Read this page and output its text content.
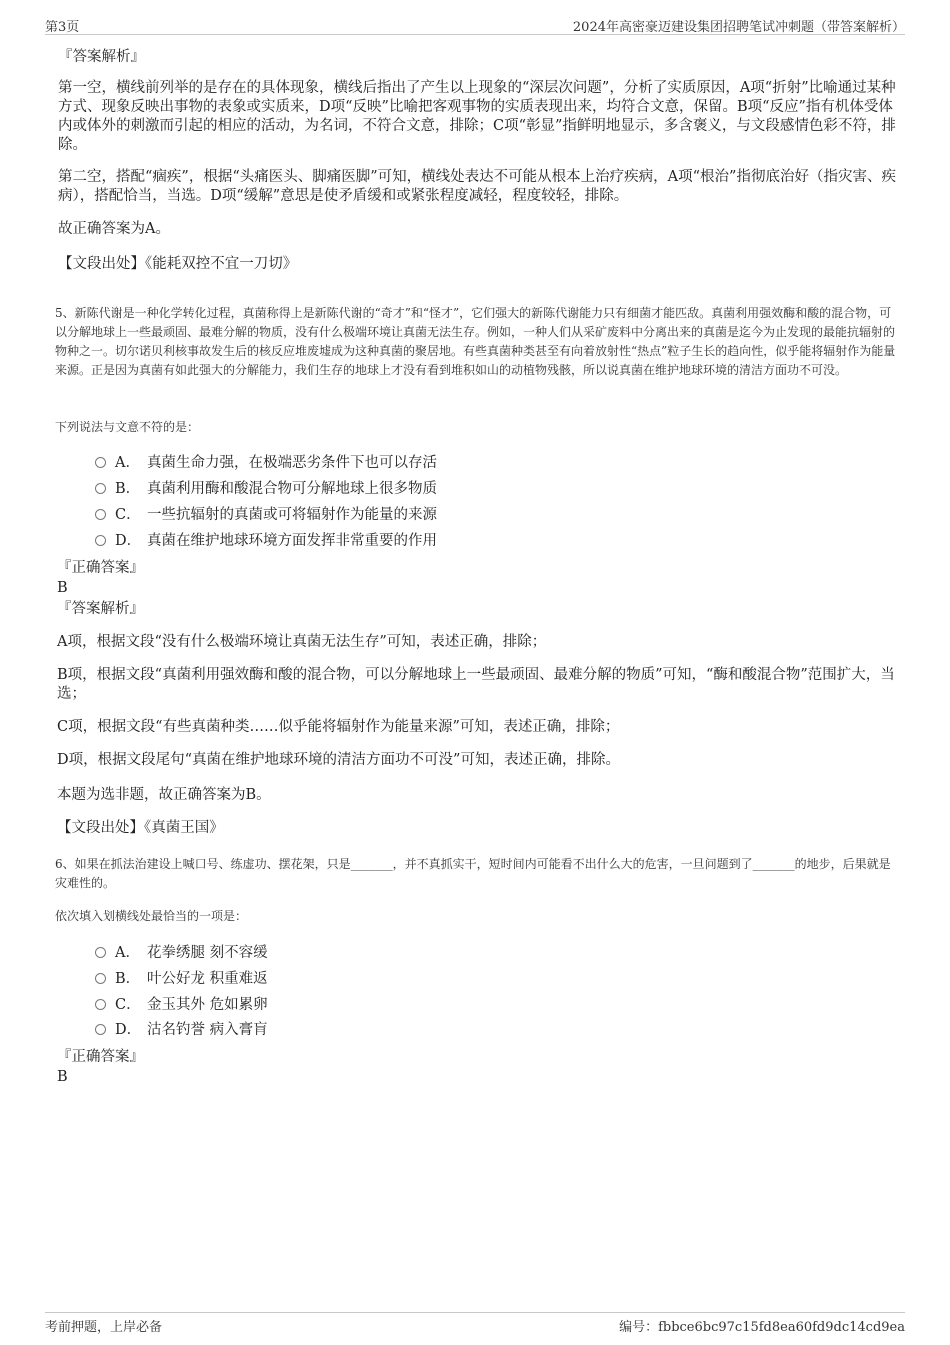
第3页	2024年高密豪迈建设集团招聘笔试冲刺题（带答案解析）
『答案解析』
第一空，横线前列举的是存在的具体现象，横线后指出了产生以上现象的“深层次问题”，分析了实质原因，A项“折射”比喻通过某种方式、现象反映出事物的表象或实质来，D项“反映”比喻把客观事物的实质表现出来，均符合文意，保留。B项“反应”指有机体受体内或体外的刺激而引起的相应的活动，为名词，不符合文意，排除；C项“彰显”指鲜明地显示，多含褒义，与文段感情色彩不符，排除。
第二空，搭配“痼疾”，根据“头痛医头、脚痛医脚”可知，横线处表达不可能从根本上治疗疾病，A项“根治”指彻底治好（指灾害、疾病），搭配恰当，当选。D项“缓解”意思是使矛盾缓和或紧张程度减轻，程度较轻，排除。
故正确答案为A。
【文段出处】《能耗双控不宜一刀切》
5、新陈代谢是一种化学转化过程，真菌称得上是新陈代谢的“奇才”和“怪才”，它们强大的新陈代谢能力只有细菌才能匹敌。真菌利用强效酶和酸的混合物，可以分解地球上一些最顽固、最难分解的物质，没有什么极端环境让真菌无法生存。例如，一种人们从采矿废料中分离出来的真菌是迄今为止发现的最能抗辐射的物种之一。切尔诺贝利核事故发生后的核反应堆废墟成为这种真菌的聚居地。有些真菌种类甚至有向着放射性“热点”粒子生长的趋向性，似乎能将辐射作为能量来源。正是因为真菌有如此强大的分解能力，我们生存的地球上才没有看到堆积如山的动植物残骸，所以说真菌在维护地球环境的清洁方面功不可没。
下列说法与文意不符的是：
A． 真菌生命力强，在极端恶劣条件下也可以存活
B． 真菌利用酶和酸混合物可分解地球上很多物质
C． 一些抗辐射的真菌或可将辐射作为能量的来源
D． 真菌在维护地球环境方面发挥非常重要的作用
『正确答案』
B
『答案解析』
A项，根据文段“没有什么极端环境让真菌无法生存”可知，表述正确，排除；
B项，根据文段“真菌利用强效酶和酸的混合物，可以分解地球上一些最顽固、最难分解的物质”可知，“酶和酸混合物”范围扩大，当选；
C项，根据文段“有些真菌种类……似乎能将辐射作为能量来源”可知，表述正确，排除；
D项，根据文段尾句“真菌在维护地球环境的清洁方面功不可没”可知，表述正确，排除。
本题为选非题，故正确答案为B。
【文段出处】《真菌王国》
6、如果在抓法治建设上喊口号、练虚功、摆花架，只是_______，并不真抓实干，短时间内可能看不出什么大的危害，一旦问题到了_______的地步，后果就是灾难性的。
依次填入划横线处最恰当的一项是：
A． 花拳绣腿 刻不容缓
B． 叶公好龙 积重难返
C． 金玉其外 危如累卵
D． 沽名钓誉 病入膏肓
『正确答案』
B
考前押题，上岸必备	编号：fbbce6bc97c15fd8ea60fd9dc14cd9ea
